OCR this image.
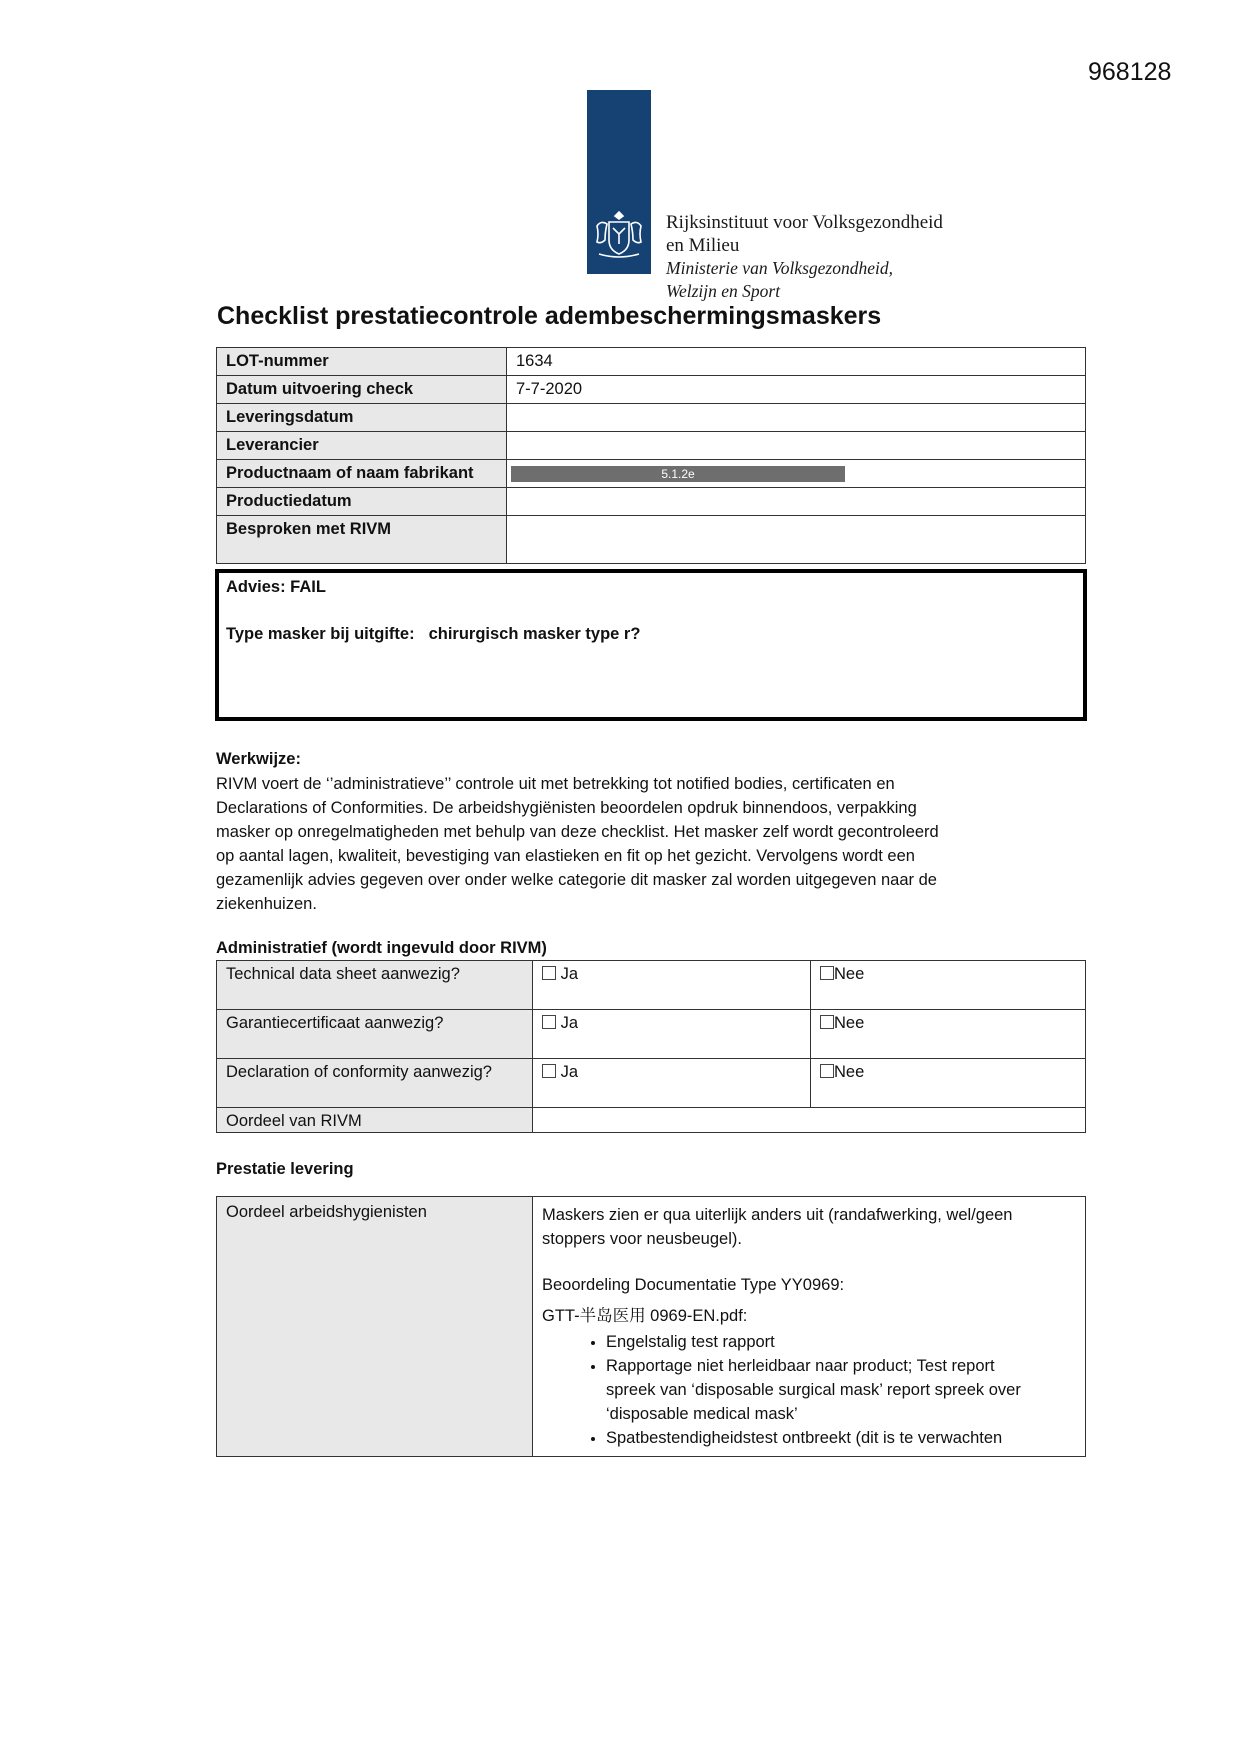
968128
Rijksinstituut voor Volksgezondheid
en Milieu
Ministerie van Volksgezondheid,
Welzijn en Sport
Checklist prestatiecontrole adembeschermingsmaskers
LOT-nummer	1634
Datum uitvoering check	7-7-2020
Leveringsdatum	
Leverancier	
Productnaam of naam fabrikant	5.1.2e
Productiedatum	
Besproken met RIVM	
Advies: FAIL
Type masker bij uitgifte: chirurgisch masker type r?
Werkwijze:
RIVM voert de ‘’administratieve’’ controle uit met betrekking tot notified bodies, certificaten en
Declarations of Conformities. De arbeidshygiënisten beoordelen opdruk binnendoos, verpakking
masker op onregelmatigheden met behulp van deze checklist. Het masker zelf wordt gecontroleerd
op aantal lagen, kwaliteit, bevestiging van elastieken en fit op het gezicht. Vervolgens wordt een
gezamenlijk advies gegeven over onder welke categorie dit masker zal worden uitgegeven naar de
ziekenhuizen.
Administratief (wordt ingevuld door RIVM)
Technical data sheet aanwezig?	Ja	Nee
Garantiecertificaat aanwezig?	Ja	Nee
Declaration of conformity aanwezig?	Ja	Nee
Oordeel van RIVM		
Prestatie levering
Oordeel arbeidshygienisten	Maskers zien er qua uiterlijk anders uit (randafwerking, wel/geen
stoppers voor neusbeugel).
Beoordeling Documentatie Type YY0969:
GTT-半岛医用 0969-EN.pdf:
• Engelstalig test rapport
• Rapportage niet herleidbaar naar product; Test report
spreek van ‘disposable surgical mask’ report spreek over
‘disposable medical mask’
• Spatbestendigheidstest ontbreekt (dit is te verwachten
